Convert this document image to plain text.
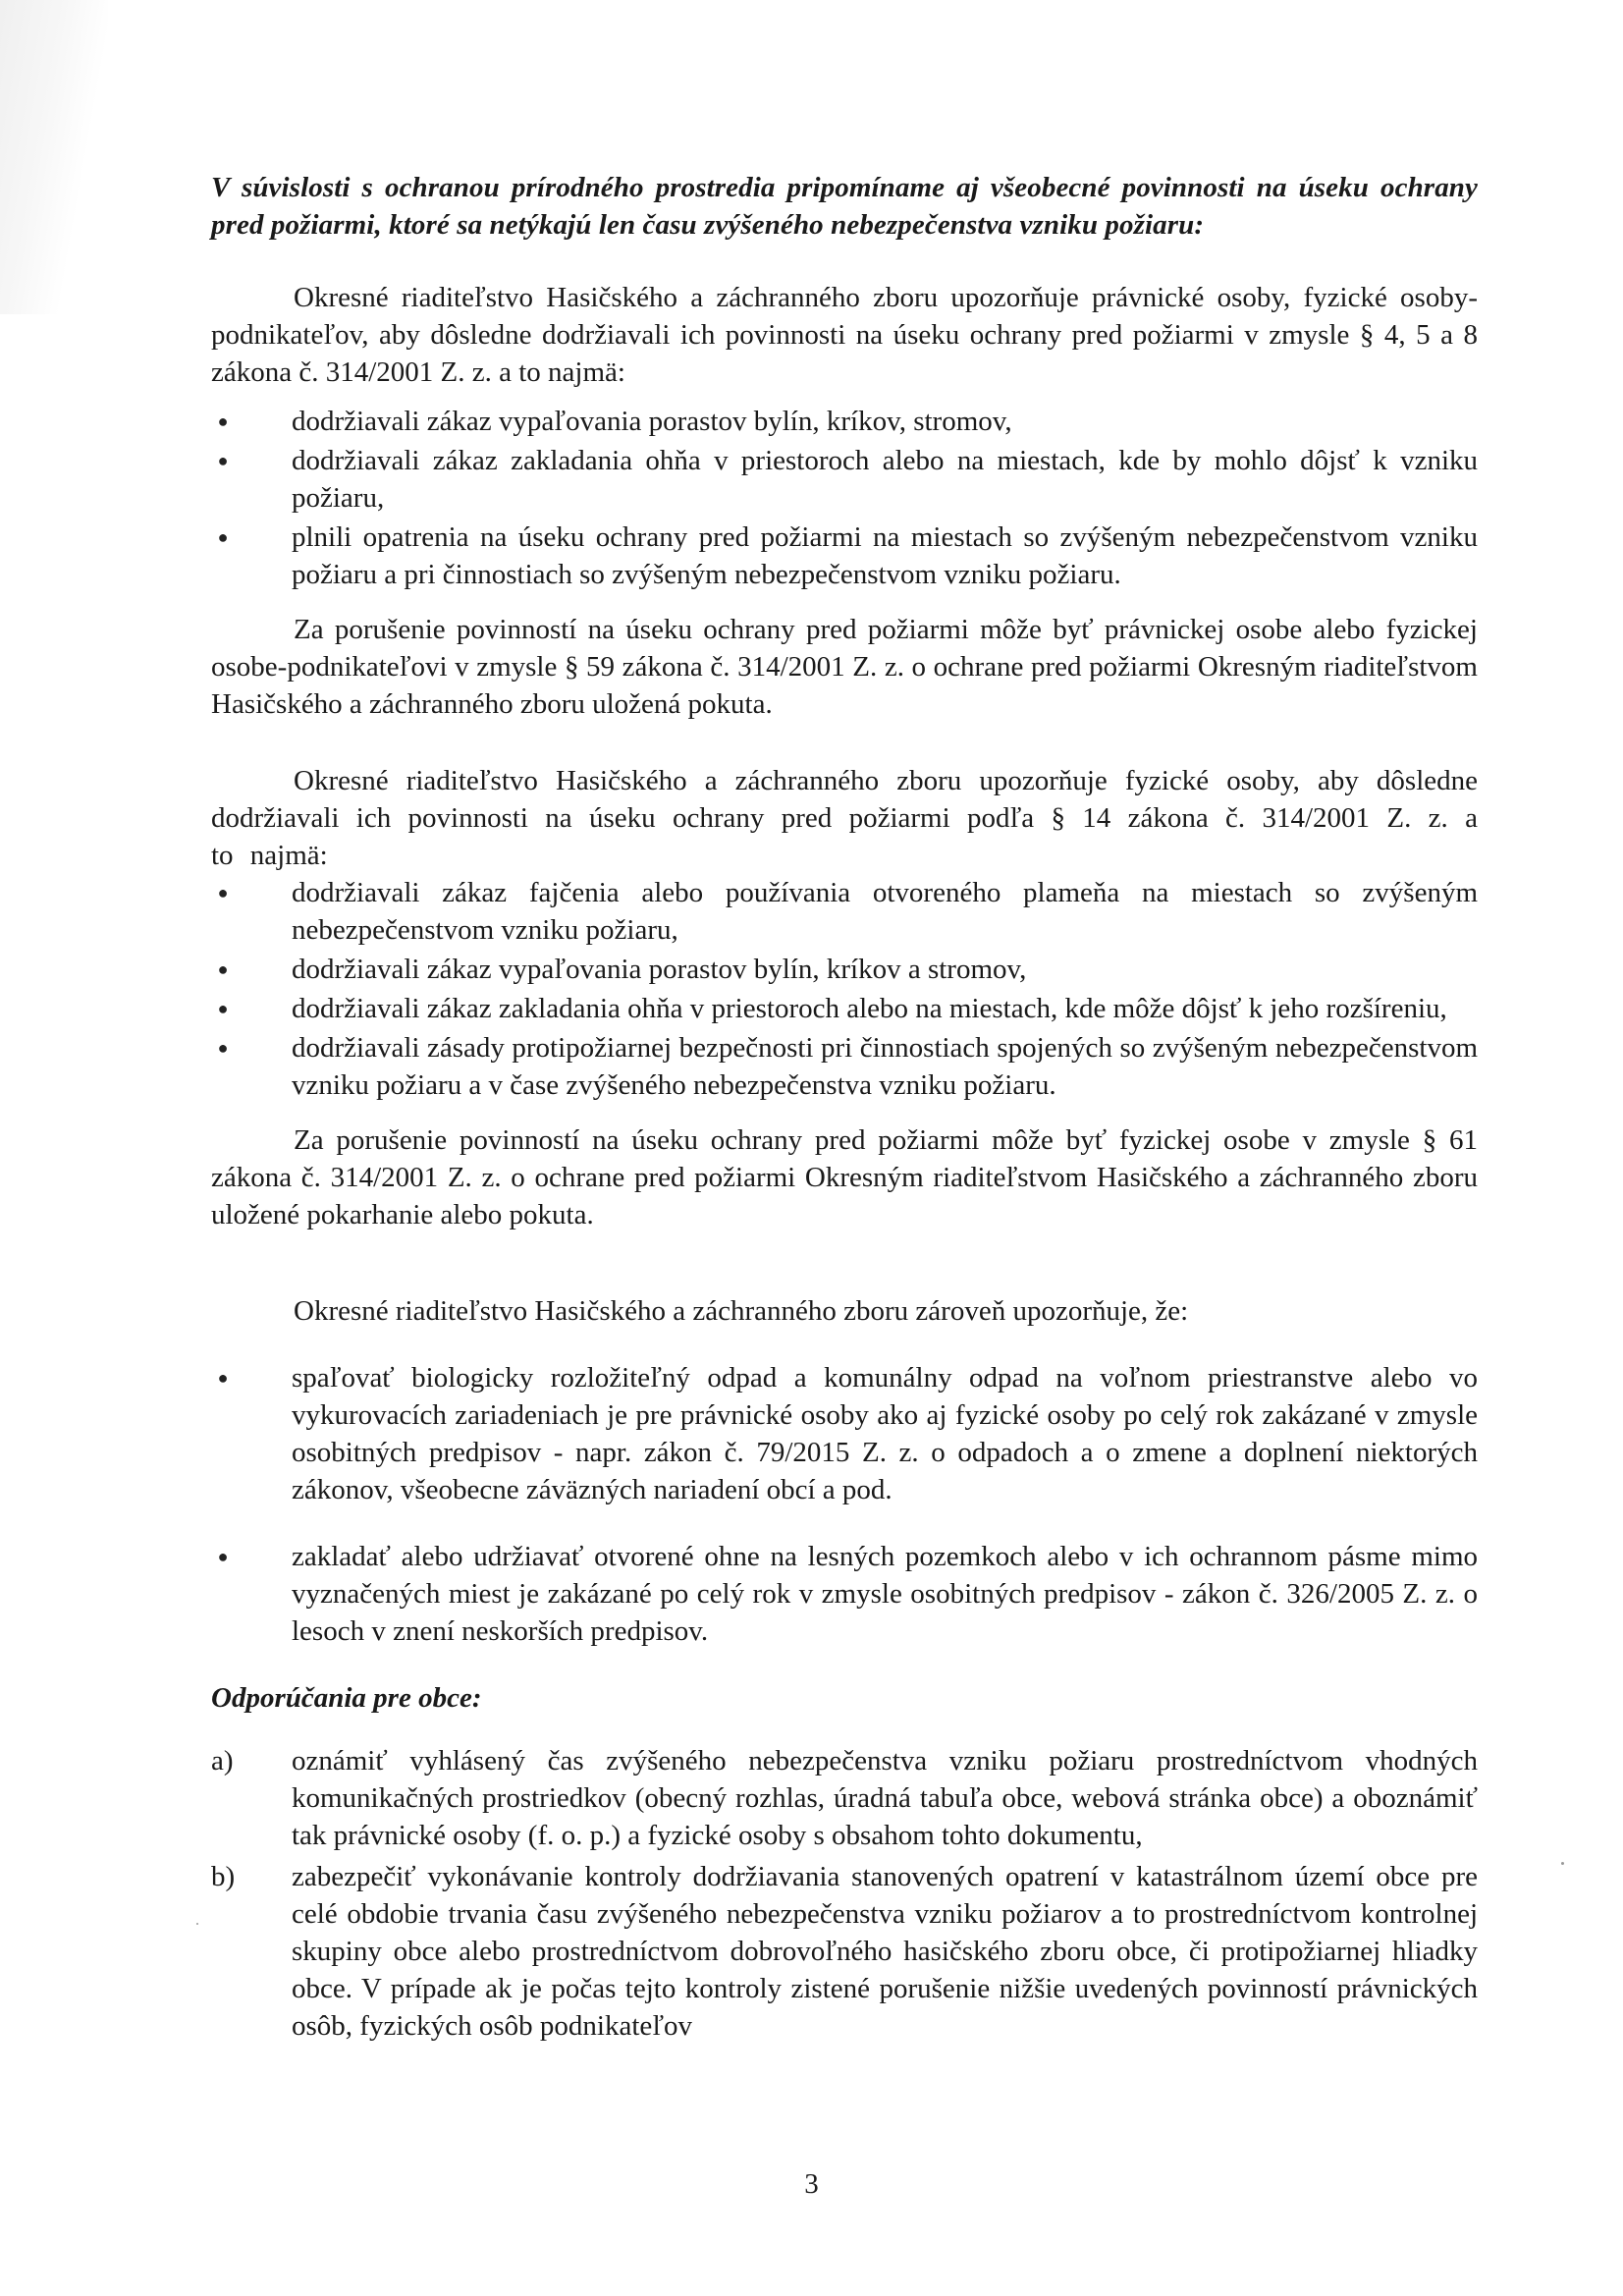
V súvislosti s ochranou prírodného prostredia pripomíname aj všeobecné povinnosti na úseku ochrany pred požiarmi, ktoré sa netýkajú len času zvýšeného nebezpečenstva vzniku požiaru:

Okresné riaditeľstvo Hasičského a záchranného zboru upozorňuje právnické osoby, fyzické osoby-podnikateľov, aby dôsledne dodržiavali ich povinnosti na úseku ochrany pred požiarmi v zmysle § 4, 5 a 8 zákona č. 314/2001 Z. z. a to najmä:

● dodržiavali zákaz vypaľovania porastov bylín, kríkov, stromov,
● dodržiavali zákaz zakladania ohňa v priestoroch alebo na miestach, kde by mohlo dôjsť k vzniku požiaru,
● plnili opatrenia na úseku ochrany pred požiarmi na miestach so zvýšeným nebezpečenstvom vzniku požiaru a pri činnostiach so zvýšeným nebezpečenstvom vzniku požiaru.

Za porušenie povinností na úseku ochrany pred požiarmi môže byť právnickej osobe alebo fyzickej osobe-podnikateľovi v zmysle § 59 zákona č. 314/2001 Z. z. o ochrane pred požiarmi Okresným riaditeľstvom Hasičského a záchranného zboru uložená pokuta.

Okresné riaditeľstvo Hasičského a záchranného zboru upozorňuje fyzické osoby, aby dôsledne dodržiavali ich povinnosti na úseku ochrany pred požiarmi podľa § 14 zákona č. 314/2001 Z. z. a to najmä:

● dodržiavali zákaz fajčenia alebo používania otvoreného plameňa na miestach so zvýšeným nebezpečenstvom vzniku požiaru,
● dodržiavali zákaz vypaľovania porastov bylín, kríkov a stromov,
● dodržiavali zákaz zakladania ohňa v priestoroch alebo na miestach, kde môže dôjsť k jeho rozšíreniu,
● dodržiavali zásady protipožiarnej bezpečnosti pri činnostiach spojených so zvýšeným nebezpečenstvom vzniku požiaru a v čase zvýšeného nebezpečenstva vzniku požiaru.

Za porušenie povinností na úseku ochrany pred požiarmi môže byť fyzickej osobe v zmysle § 61 zákona č. 314/2001 Z. z. o ochrane pred požiarmi Okresným riaditeľstvom Hasičského a záchranného zboru uložené pokarhanie alebo pokuta.

Okresné riaditeľstvo Hasičského a záchranného zboru zároveň upozorňuje, že:

● spaľovať biologicky rozložiteľný odpad a komunálny odpad na voľnom priestranstve alebo vo vykurovacích zariadeniach je pre právnické osoby ako aj fyzické osoby po celý rok zakázané v zmysle osobitných predpisov - napr. zákon č. 79/2015 Z. z. o odpadoch a o zmene a doplnení niektorých zákonov, všeobecne záväzných nariadení obcí a pod.
● zakladať alebo udržiavať otvorené ohne na lesných pozemkoch alebo v ich ochrannom pásme mimo vyznačených miest je zakázané po celý rok v zmysle osobitných predpisov - zákon č. 326/2005 Z. z. o lesoch v znení neskorších predpisov.

Odporúčania pre obce:

a)	oznámiť vyhlásený čas zvýšeného nebezpečenstva vzniku požiaru prostredníctvom vhodných komunikačných prostriedkov (obecný rozhlas, úradná tabuľa obce, webová stránka obce) a oboznámiť tak právnické osoby (f. o. p.) a fyzické osoby s obsahom tohto dokumentu,
b)	zabezpečiť vykonávanie kontroly dodržiavania stanovených opatrení v katastrálnom území obce pre celé obdobie trvania času zvýšeného nebezpečenstva vzniku požiarov a to prostredníctvom kontrolnej skupiny obce alebo prostredníctvom dobrovoľného hasičského zboru obce, či protipožiarnej hliadky obce. V prípade ak je počas tejto kontroly zistené porušenie nižšie uvedených povinností právnických osôb, fyzických osôb podnikateľov
3
